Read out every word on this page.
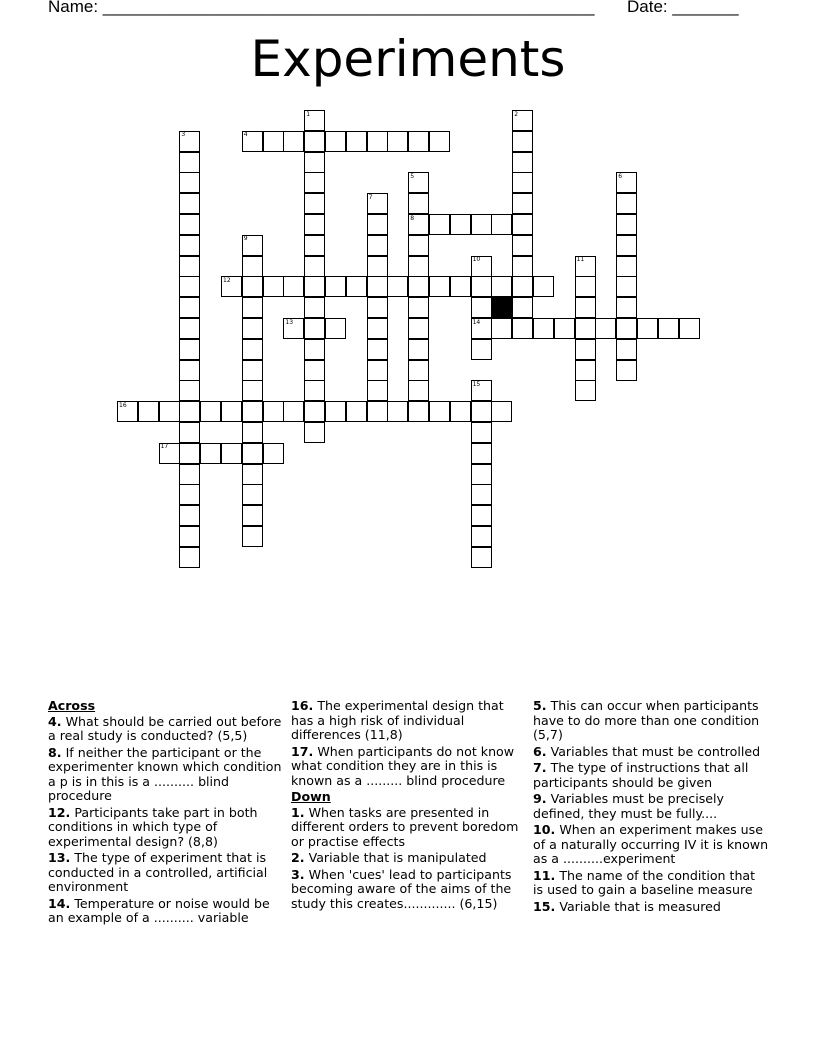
Name: ____________________________________________________ Date: _______
Experiments
1	2
3	4
5
8
6
7
9
10
14
11
12
13
15
16
17
Across
4. What should be carried out before a real study is conducted? (5,5)
8. If neither the participant or the experimenter known which condition a p is in this is a .......... blind procedure
12. Participants take part in both conditions in which type of experimental design? (8,8)
13. The type of experiment that is conducted in a controlled, artificial environment
14. Temperature or noise would be an example of a .......... variable
16. The experimental design that has a high risk of individual differences (11,8)
17. When participants do not know what condition they are in this is known as a ......... blind procedure
Down
1. When tasks are presented in different orders to prevent boredom or practise effects
2. Variable that is manipulated
3. When 'cues' lead to participants becoming aware of the aims of the study this creates............. (6,15)
5. This can occur when participants have to do more than one condition (5,7)
6. Variables that must be controlled
7. The type of instructions that all participants should be given
9. Variables must be precisely defined, they must be fully....
10. When an experiment makes use of a naturally occurring IV it is known as a ..........experiment
11. The name of the condition that is used to gain a baseline measure
15. Variable that is measured
